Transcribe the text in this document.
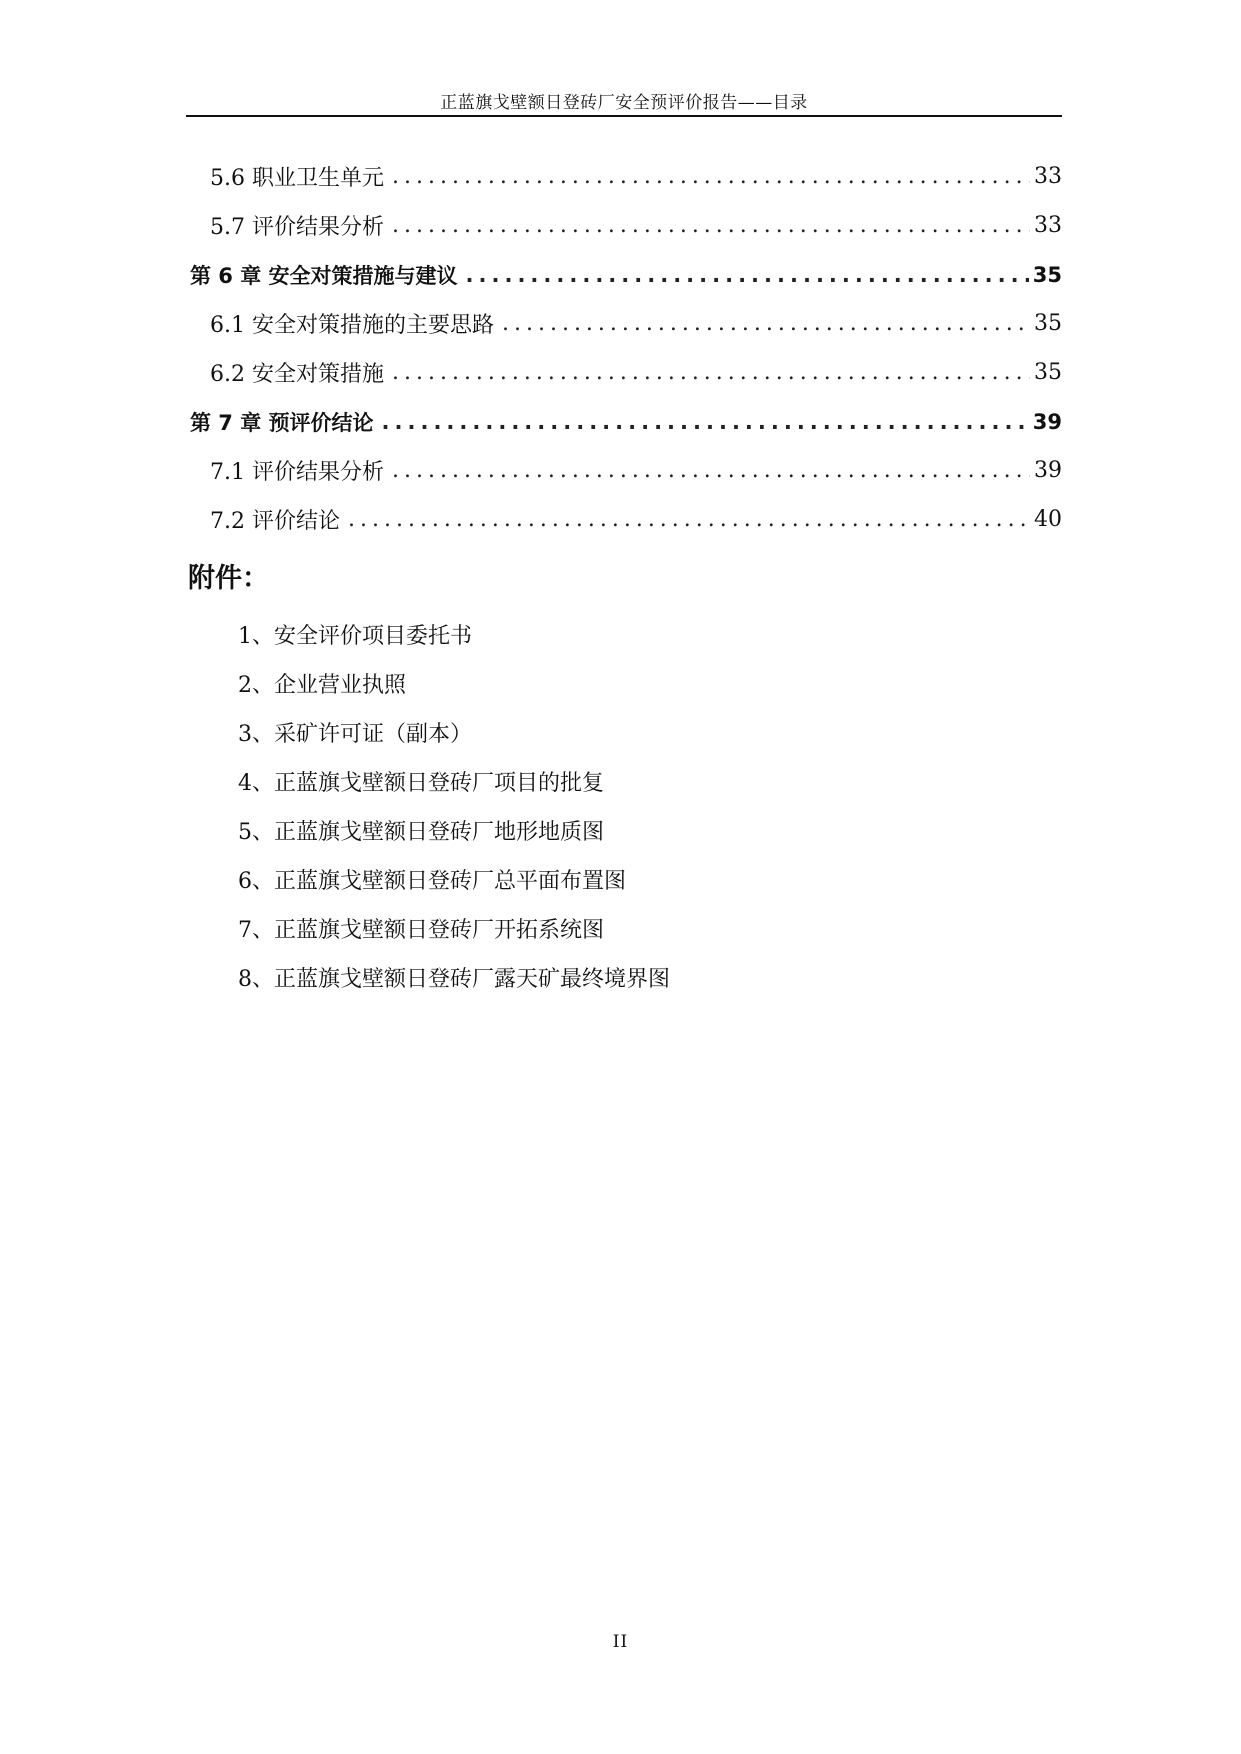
正蓝旗戈壁额日登砖厂安全预评价报告——目录
5.6 职业卫生单元 .....	33
5.7 评价结果分析 .....	33
第 6 章 安全对策措施与建议 .....	35
6.1 安全对策措施的主要思路 .....	35
6.2 安全对策措施 .....	35
第 7 章 预评价结论 .....	39
7.1 评价结果分析 .....	39
7.2 评价结论 .....	40
附件：
1、安全评价项目委托书
2、企业营业执照
3、采矿许可证（副本）
4、正蓝旗戈壁额日登砖厂项目的批复
5、正蓝旗戈壁额日登砖厂地形地质图
6、正蓝旗戈壁额日登砖厂总平面布置图
7、正蓝旗戈壁额日登砖厂开拓系统图
8、正蓝旗戈壁额日登砖厂露天矿最终境界图
II
